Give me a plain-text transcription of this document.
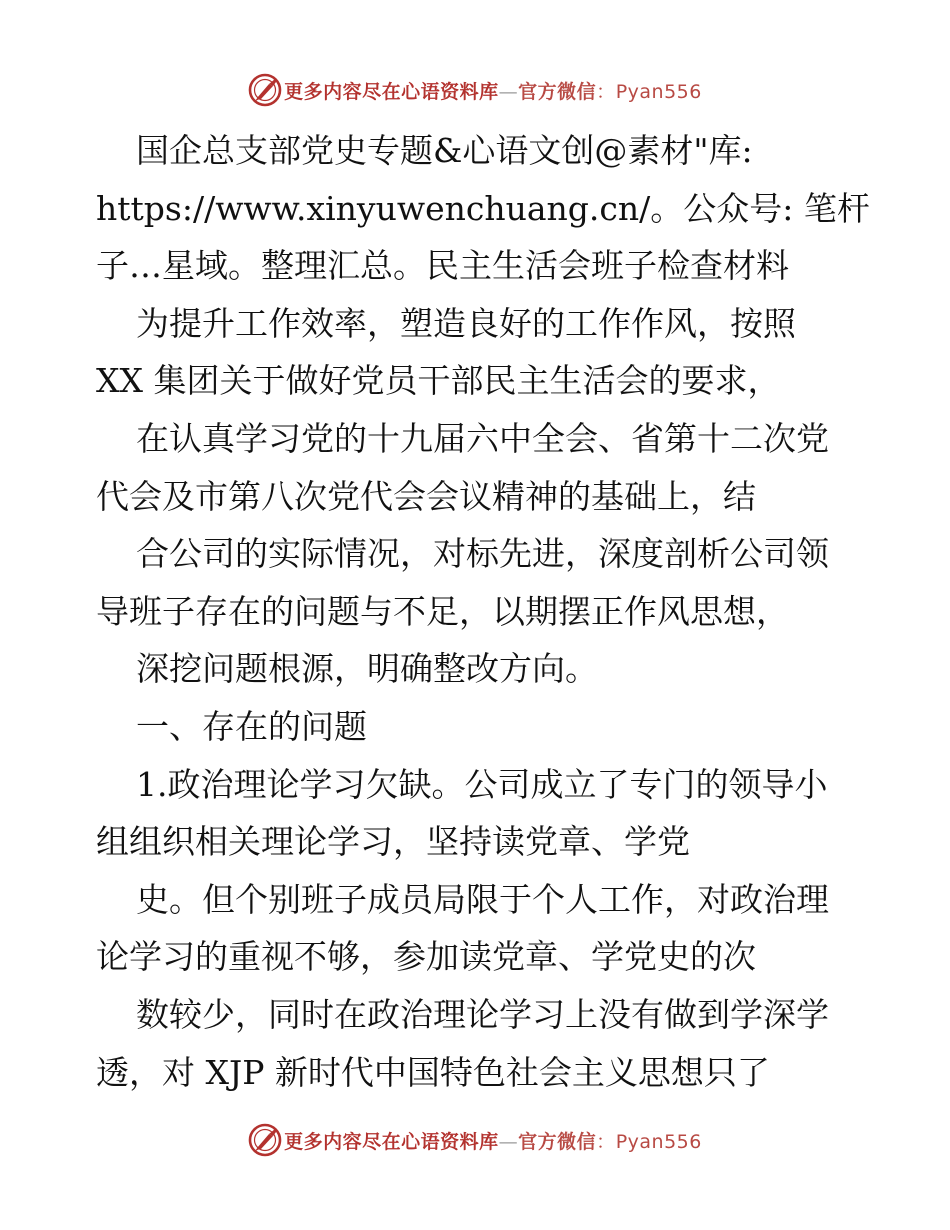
更多内容尽在心语资料库—官方微信：Pyan556
国企总支部党史专题&心语文创@素材"库:
https://www.xinyuwenchuang.cn/。公众号: 笔杆
子…星域。整理汇总。民主生活会班子检查材料
为提升工作效率，塑造良好的工作作风，按照
XX 集团关于做好党员干部民主生活会的要求，
在认真学习党的十九届六中全会、省第十二次党
代会及市第八次党代会会议精神的基础上，结
合公司的实际情况，对标先进，深度剖析公司领
导班子存在的问题与不足，以期摆正作风思想，
深挖问题根源，明确整改方向。
一、存在的问题
1.政治理论学习欠缺。公司成立了专门的领导小
组组织相关理论学习，坚持读党章、学党
史。但个别班子成员局限于个人工作，对政治理
论学习的重视不够，参加读党章、学党史的次
数较少，同时在政治理论学习上没有做到学深学
透，对 XJP 新时代中国特色社会主义思想只了
更多内容尽在心语资料库—官方微信：Pyan556
